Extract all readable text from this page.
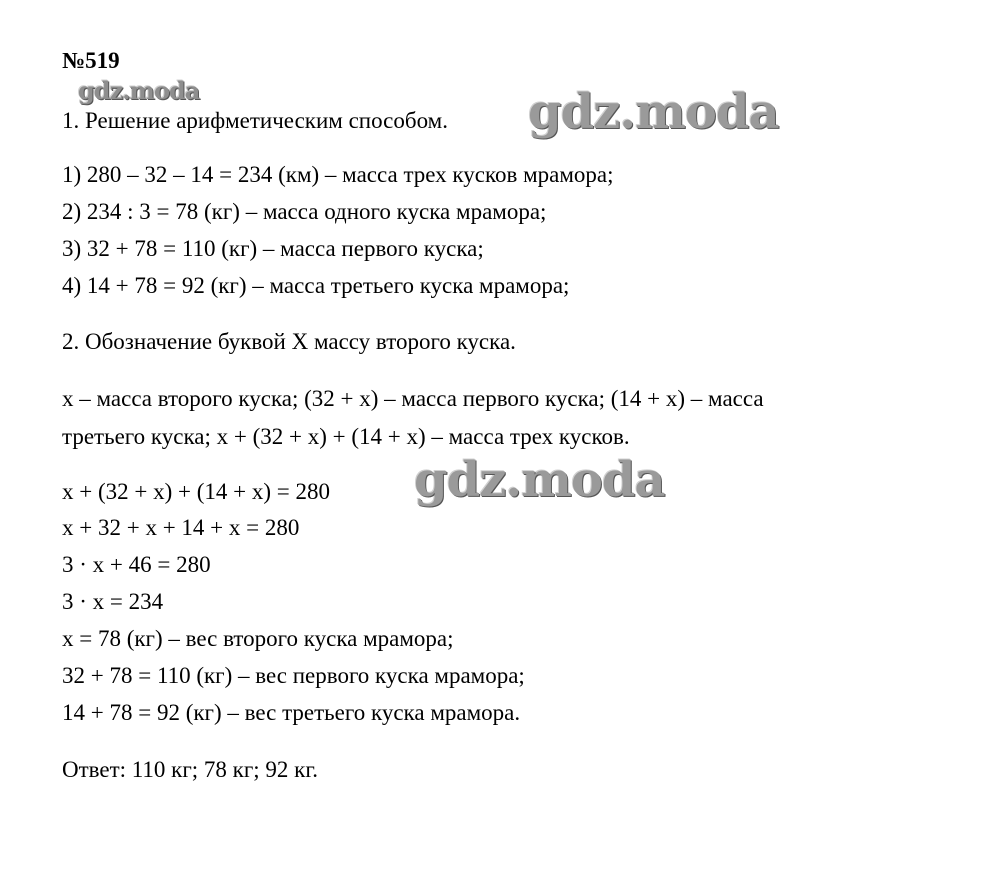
№519
gdz.moda
1. Решение арифметическим способом. gdz.moda
1) 280 – 32 – 14 = 234 (км) – масса трех кусков мрамора;
2) 234 : 3 = 78 (кг) – масса одного куска мрамора;
3) 32 + 78 = 110 (кг) – масса первого куска;
4) 14 + 78 = 92 (кг) – масса третьего куска мрамора;
2. Обозначение буквой Х массу второго куска.
x – масса второго куска; (32 + x) – масса первого куска; (14 + x) – масса
третьего куска; x + (32 + x) + (14 + x) – масса трех кусков.
x + (32 + x) + (14 + x) = 280 gdz.moda
x + 32 + x + 14 + x = 280
3 · x + 46 = 280
3 · x = 234
x = 78 (кг) – вес второго куска мрамора;
32 + 78 = 110 (кг) – вес первого куска мрамора;
14 + 78 = 92 (кг) – вес третьего куска мрамора.
Ответ: 110 кг; 78 кг; 92 кг.
